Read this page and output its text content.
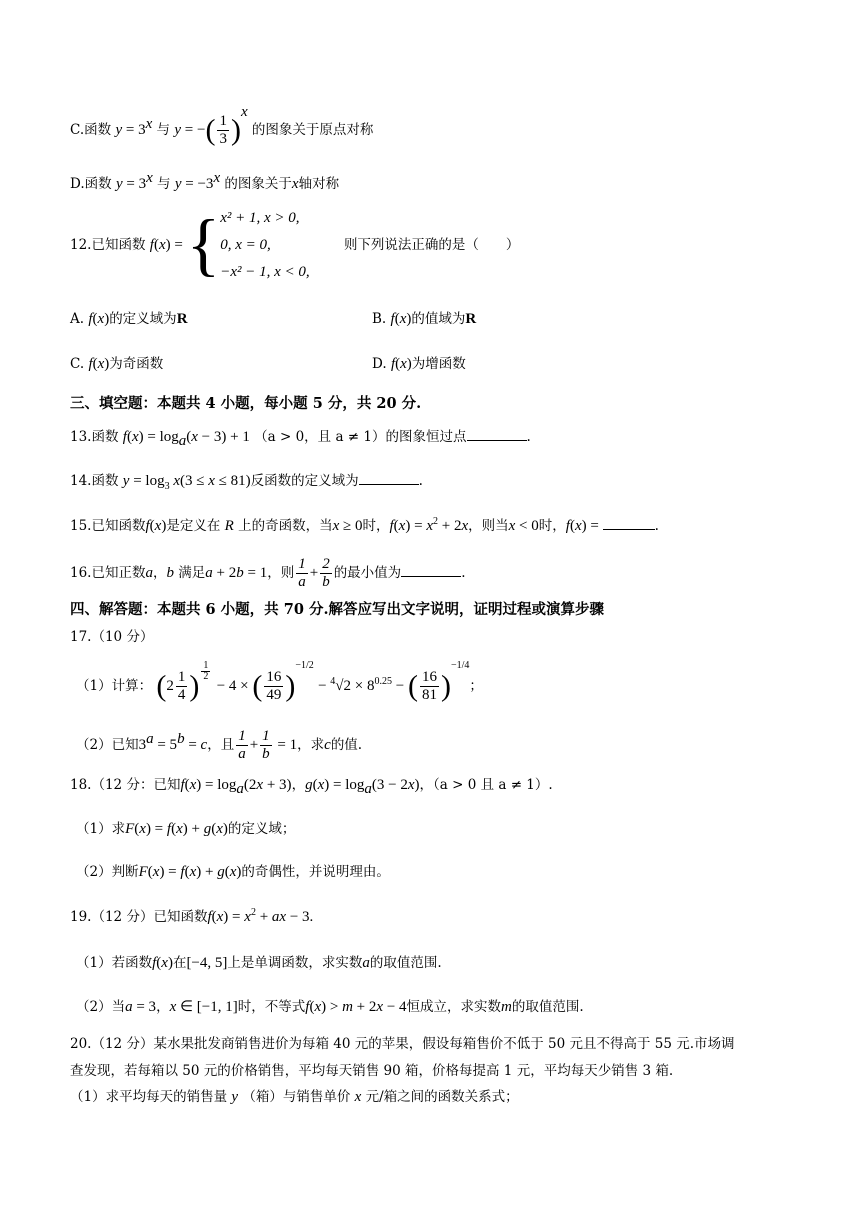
C.函数 $y = 3^x$ 与 y = −( $\frac{1}{3} )^x$ 的图象关于原点对称
D.函数 $y = 3^x$ 与 $y = -3^x$ 的图象关于x轴对称
12.已知函数 f(x) = { x² + 1, x > 0,
0, x = 0,
−x² − 1, x < 0,
则下列说法正确的是（　　）
A. f(x)的定义域为R	B. f(x)的值域为R
C. f(x)为奇函数	D. f(x)为增函数
三、填空题：本题共 4 小题，每小题 5 分，共 20 分.
13.函数 $f(x) = \log_a(x - 3) + 1$ （a > 0，且 a ≠ 1）的图象恒过点	.
14.函数 $y = \log_3 x(3 \le x \le 81)$反函数的定义域为	.
15.已知函数f(x)是定义在 R 上的奇函数，当x ≥ 0时，$f(x) = x^2 + 2x$，则当x < 0时，f(x) =	.
16.已知正数a，b 满足a + 2b = 1，则 $\frac{1}{a} + \frac{2}{b}$ 的最小值为	.
四、解答题：本题共 6 小题，共 70 分.解答应写出文字说明，证明过程或演算步骤
17.（10 分）
（1）计算： ($2 \frac{1}{4}$ ) $^{\frac{1}{2}}$
− 4 × ( $\frac{16}{49} )^{-1/2} - ^4√2 \times 8^{0.25}$ − ( $\frac{16}{81} )^{-1/4}$；
（2）已知$3^a = 5^b = c$，且 $\frac{1}{a} + \frac{1}{b} = 1$，求c的值.
18.（12 分：已知$f(x) = \log_a(2x + 3)$，$g(x) = \log_a(3 - 2x)$，（a > 0 且 a ≠ 1）.
（1）求F(x) = f(x) + g(x)的定义域；
（2）判断F(x) = f(x) + g(x)的奇偶性，并说明理由。
19.（12 分）已知函数$f(x) = x^2$ + ax − 3.
（1）若函数f(x)在[−4, 5]上是单调函数，求实数a的取值范围.
（2）当a = 3，x ∈ [−1, 1]时，不等式f(x) > m + 2x − 4恒成立，求实数m的取值范围.
20.（12 分）某水果批发商销售进价为每箱 40 元的苹果，假设每箱售价不低于 50 元且不得高于 55 元.市场调
查发现，若每箱以 50 元的价格销售，平均每天销售 90 箱，价格每提高 1 元，平均每天少销售 3 箱.
（1）求平均每天的销售量 y （箱）与销售单价 x 元/箱之间的函数关系式；
